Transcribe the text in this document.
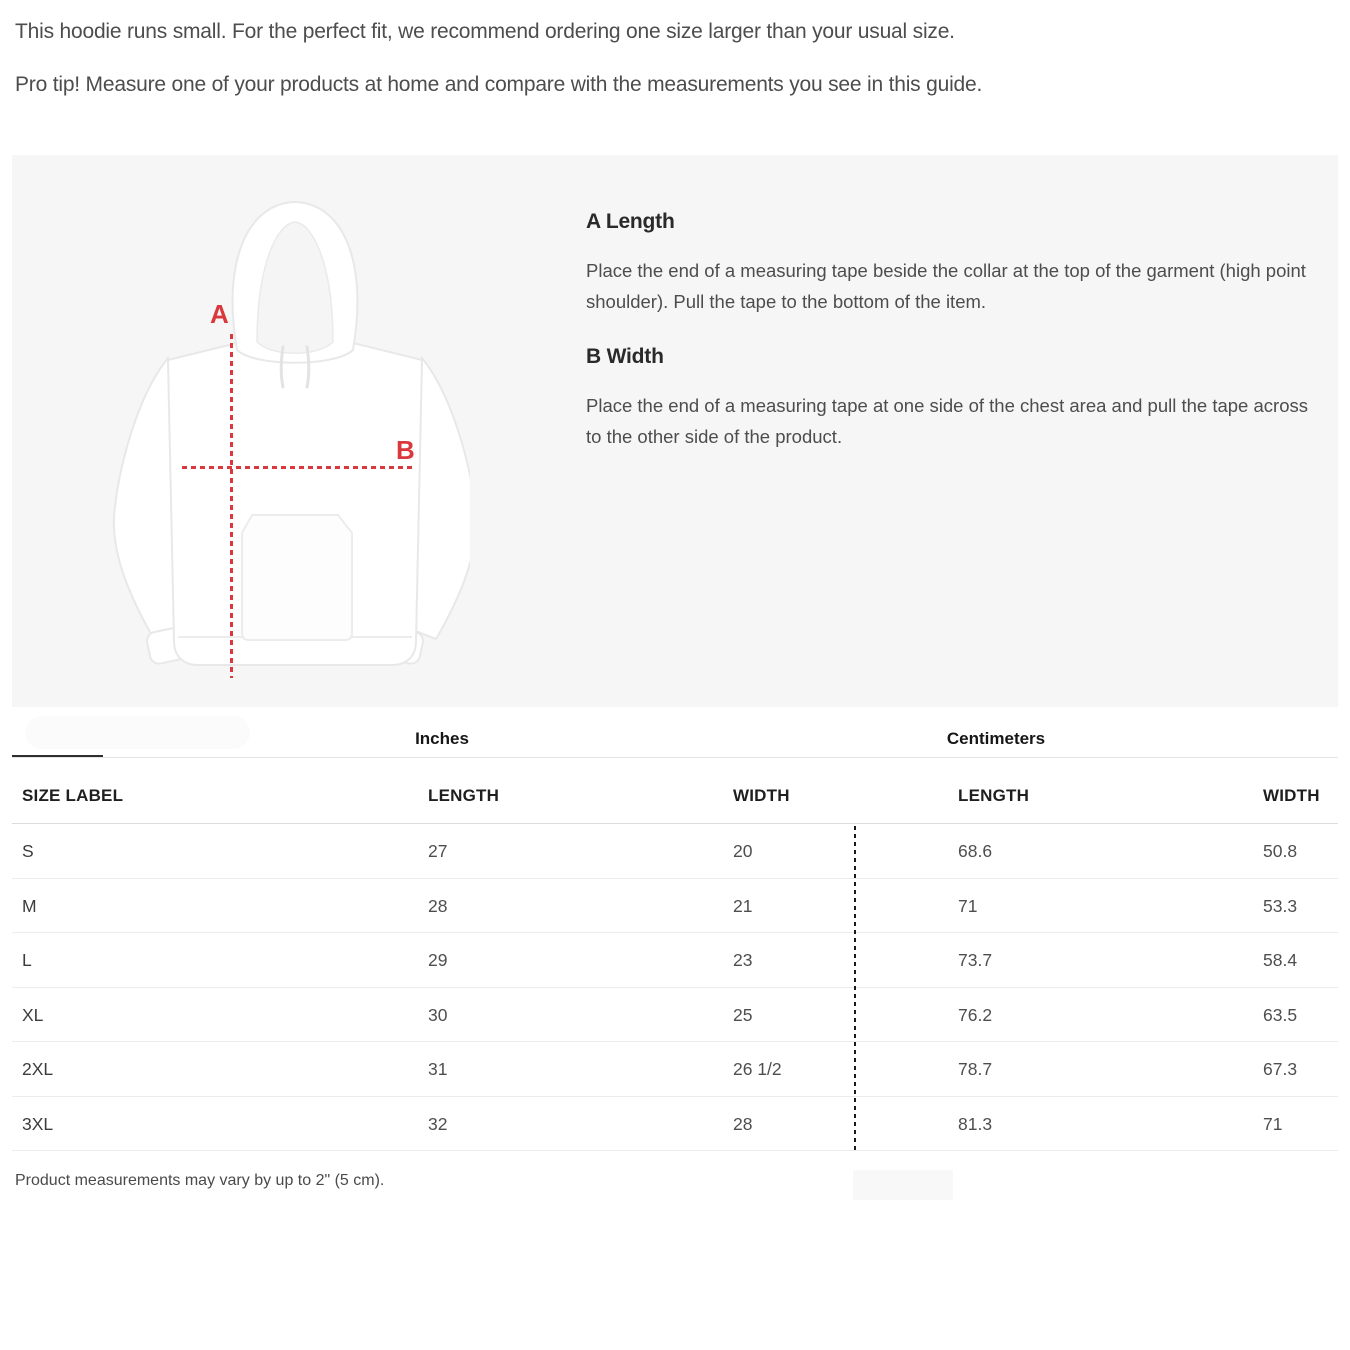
This hoodie runs small. For the perfect fit, we recommend ordering one size larger than your usual size.

Pro tip! Measure one of your products at home and compare with the measurements you see in this guide.

A
B
A Length

Place the end of a measuring tape beside the collar at the top of the garment (high point shoulder). Pull the tape to the bottom of the item.

B Width

Place the end of a measuring tape at one side of the chest area and pull the tape across to the other side of the product.

Inches	Centimeters
SIZE LABEL	LENGTH	WIDTH	LENGTH	WIDTH
S	27	20	68.6	50.8
M	28	21	71	53.3
L	29	23	73.7	58.4
XL	30	25	76.2	63.5
2XL	31	26 1/2	78.7	67.3
3XL	32	28	81.3	71

Product measurements may vary by up to 2" (5 cm).
